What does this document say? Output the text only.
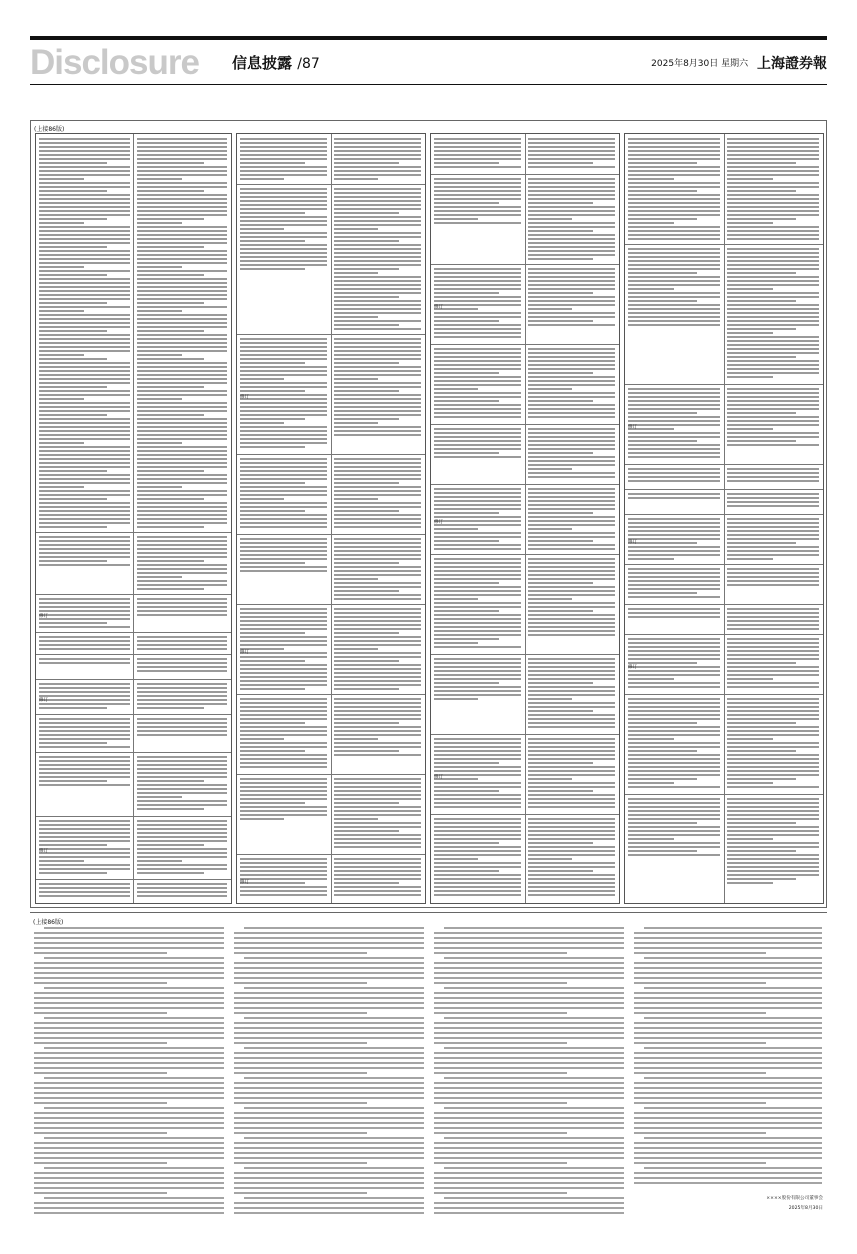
Disclosure 信息披露 /87	2025年8月30日 星期六 上海證券報
(上接86版)
修订
修订
修订
修订
修订
修订
修订
修订
修订
修订
修订
修订
(上接86版)
××××股份有限公司董事会
2025年8月30日
